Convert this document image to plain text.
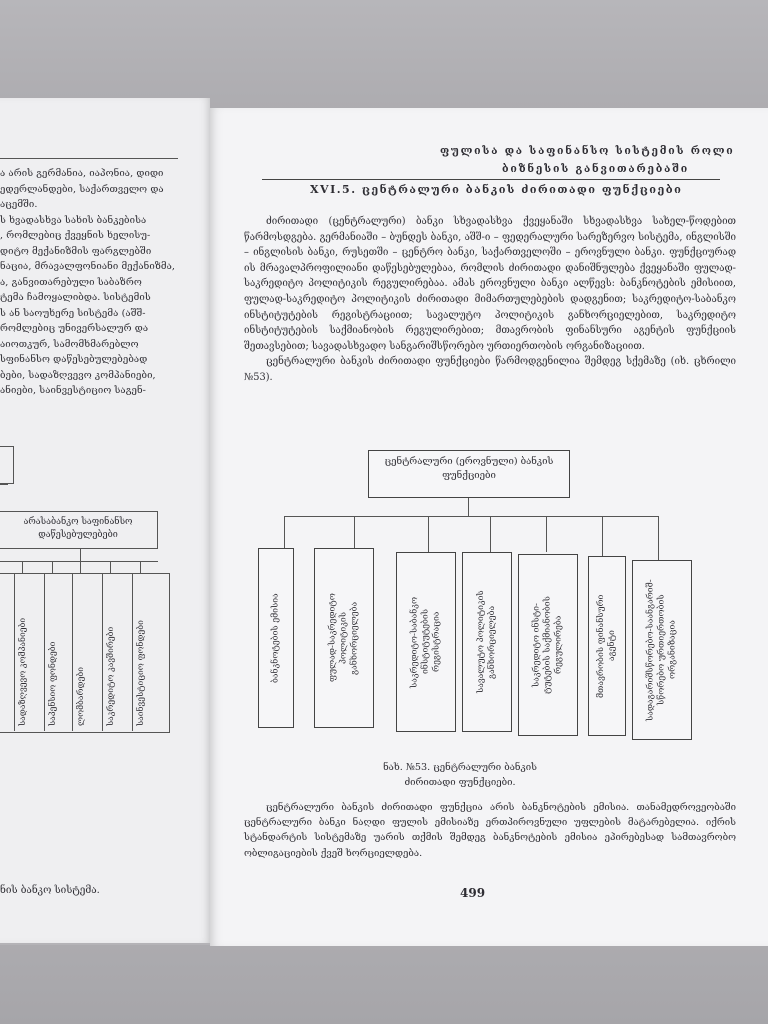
ა არის გერმანია, იაპონია, დიდი
ედერლანდები, საქართველო და
აცემში.
ს ხვადასხვა სახის ბანკებისა
, რომლებიც ქვეყნის ხელისუ-
დიტო მექანიზმის ფარგლებში
ნაცია, მრავალფონიანი მექანიზმა,
ა, განვითარებული საბაზრო
ტემა ჩამოყალიბდა. სისტემის
ს ან საოუხერე სისტემა (აშშ-
რომლებიც უნივერსალურ და
აიოთკურ, სამომხმარებლო
სფინანსო დაწესებულებებად
ბები, სადაზღვევო კომპანიები,
ანიები, საინვესტიციო საგენ-
არასაბანკო საფინანსო დაწესებულებები
სადაზღვევო კომპანიები	საპენსიო ფონდები	ლომბარდები	საკრედიტო კავშირები	საინვესტიციო ფონდები
ნის ბანკო სისტემა.
ფულისა და საფინანსო სისტემის როლი
ბიზნესის განვითარებაში
XVI.5. ცენტრალური ბანკის ძირითადი ფუნქციები

ძირითადი (ცენტრალური) ბანკი სხვადასხვა ქვეყანაში სხვადასხვა სახელ-წოდებით წარმოსდგება. გერმანიაში – ბუნდეს ბანკი, აშშ-ი – ფედერალური სარეზერვო სისტემა, ინგლისში – ინგლისის ბანკი, რუსეთში – ცენტრო ბანკი, საქართველოში – ეროვნული ბანკი. ფუნქციურად ის მრავალპროფილიანი დაწესებულებაა, რომლის ძირითადი დანიშნულება ქვეყანაში ფულად-საკრედიტო პოლიტიკის რეგულირებაა. ამას ეროვნული ბანკი ალწევს: ბანკნოტების ემისიით, ფულად-საკრედიტო პოლიტიკის ძირითადი მიმართულებების დადგენით; საკრედიტო-საბანკო ინსტიტუტების რეგისტრაციით; სავალუტო პოლიტიკის განხორციელებით, საკრედიტო ინსტიტუტების საქმიანობის რეგულირებით; მთავრობის ფინანსური აგენტის ფუნქციის შეთავსებით; სავადასხვადო სანგარიშსწორებო ურთიერთობის ორგანიზაციით.

ცენტრალური ბანკის ძირითადი ფუნქციები წარმოდგენილია შემდეგ სქემაზე (იხ. ცხრილი №53).

ცენტრალური (ეროვნული) ბანკის ფუნქციები
ბანკნოტების ემისია	ფულად-საკრედიტო
პოლიტიკის
განხორციელება	საკრედიტო-საბანკო
ინსტიტუტების
რეგისტრაცია	სავალუტო პოლიტიკის
განხორციელება	საკრედიტო ინსტი-
ტუტების საქმიანობის
რეგულირება	მთავრობის ფინანსური
აგენტი	სადაგარიშსწორებო-საანგარიშ-
სწორებო ურთიერთობის
ორგანიზაცია
ნახ. №53. ცენტრალური ბანკის ძირითადი ფუნქციები.

ცენტრალური ბანკის ძირითადი ფუნქცია არის ბანკნოტების ემისია. თანამედროვეობაში ცენტრალური ბანკი ნაღდი ფულის ემისიაზე ერთპიროვნული უფლების მატარებელია. იქრის სტანდარტის სისტემაზე უარის თქმის შემდეგ ბანკნოტების ემისია ეპირებესად სამთავრობო ობლიგაციების ქვეშ ხორციელდება.

499
